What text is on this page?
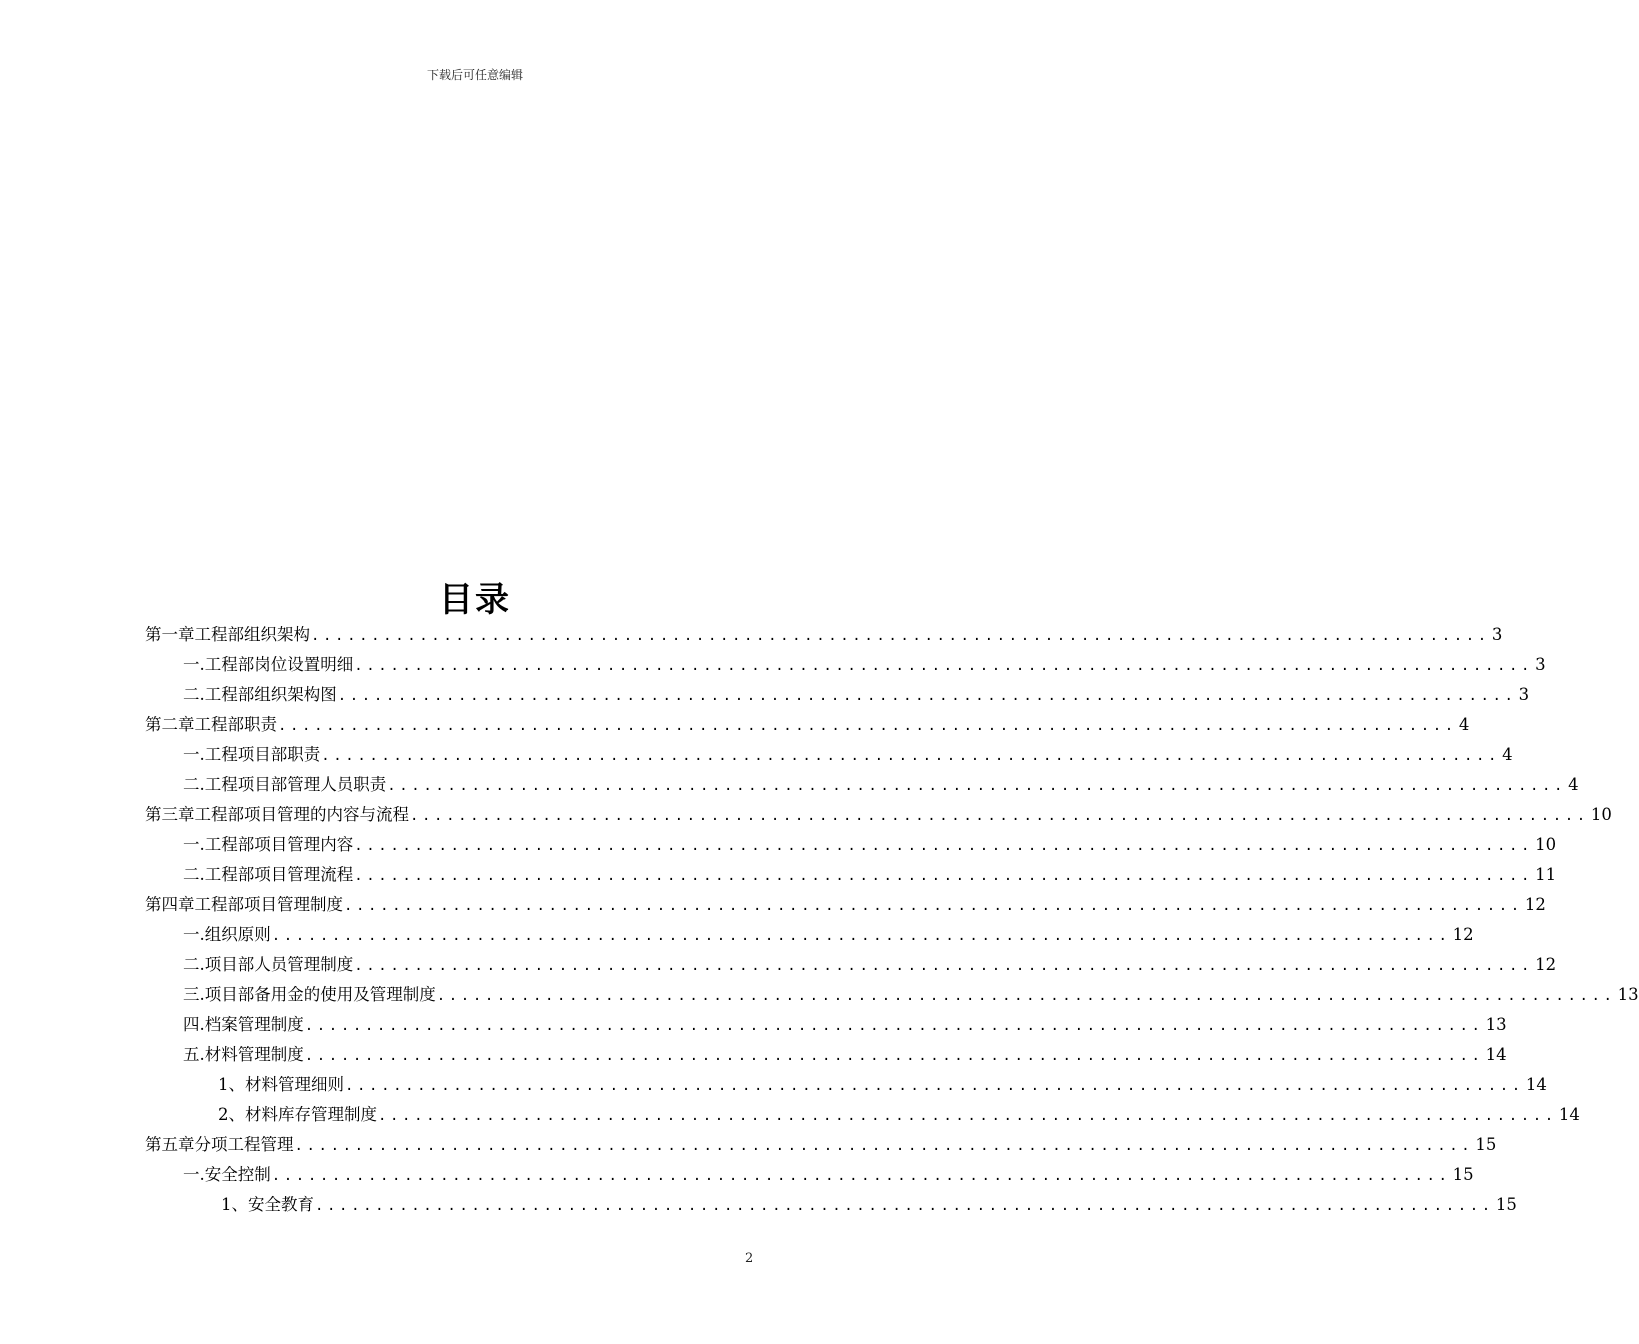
下载后可任意编辑
目录
第一章 工程部组织架构 .................................................................................................. 3
一. 工程部岗位设置明细 .................................................................................................. 3
二. 工程部组织架构图 .................................................................................................. 3
第二章 工程部职责 .................................................................................................. 4
一. 工程项目部职责 .................................................................................................. 4
二. 工程项目部管理人员职责 .................................................................................................. 4
第三章 工程部项目管理的内容与流程 .................................................................................................. 10
一. 工程部项目管理内容 .................................................................................................. 10
二. 工程部项目管理流程 .................................................................................................. 11
第四章 工程部项目管理制度 .................................................................................................. 12
一. 组织原则 .................................................................................................. 12
二. 项目部人员管理制度 .................................................................................................. 12
三. 项目部备用金的使用及管理制度 .................................................................................................. 13
四. 档案管理制度 .................................................................................................. 13
五. 材料管理制度 .................................................................................................. 14
1、 材料管理细则 .................................................................................................. 14
2、 材料库存管理制度 .................................................................................................. 14
第五章 分项工程管理 .................................................................................................. 15
一. 安全控制 .................................................................................................. 15
1、 安全教育 .................................................................................................. 15
2
